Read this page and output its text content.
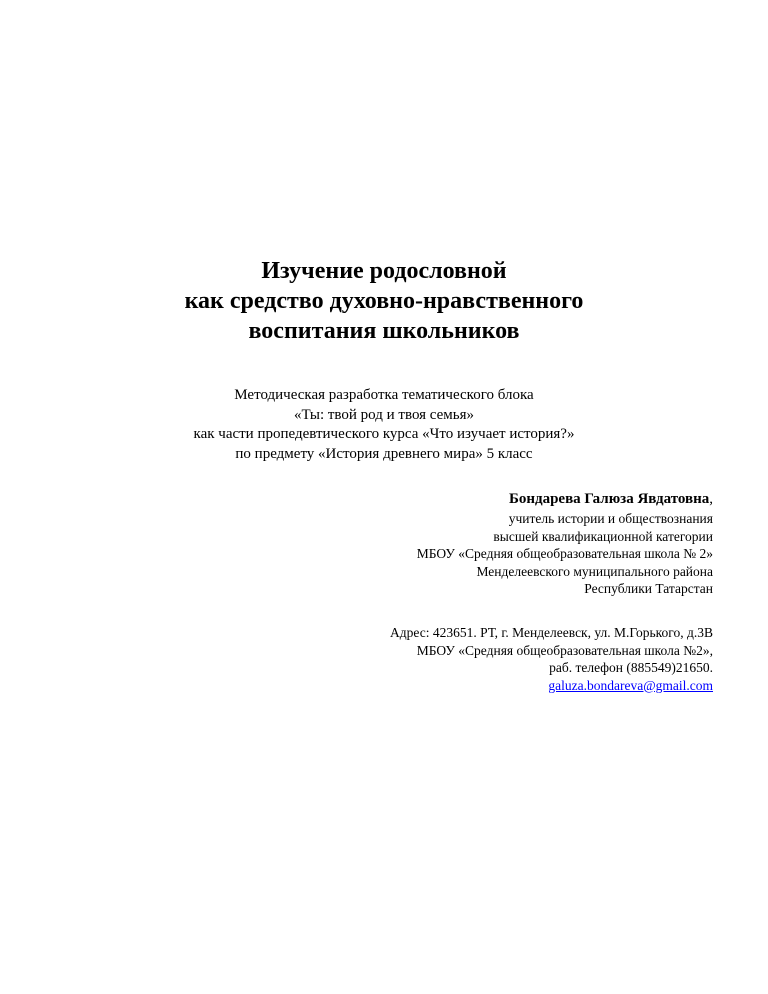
Изучение родословной
как средство духовно-нравственного
воспитания школьников
Методическая разработка тематического блока
«Ты: твой род и твоя семья»
как части пропедевтического курса «Что изучает история?»
по предмету «История древнего мира» 5 класс
Бондарева Галюза Явдатовна,
учитель истории и обществознания
высшей квалификационной категории
МБОУ «Средняя общеобразовательная школа № 2»
Менделеевского муниципального района
Республики Татарстан
Адрес: 423651. РТ, г. Менделеевск, ул. М.Горького, д.3В
МБОУ «Средняя общеобразовательная школа №2»,
раб. телефон (885549)21650.
galuza.bondareva@gmail.com
